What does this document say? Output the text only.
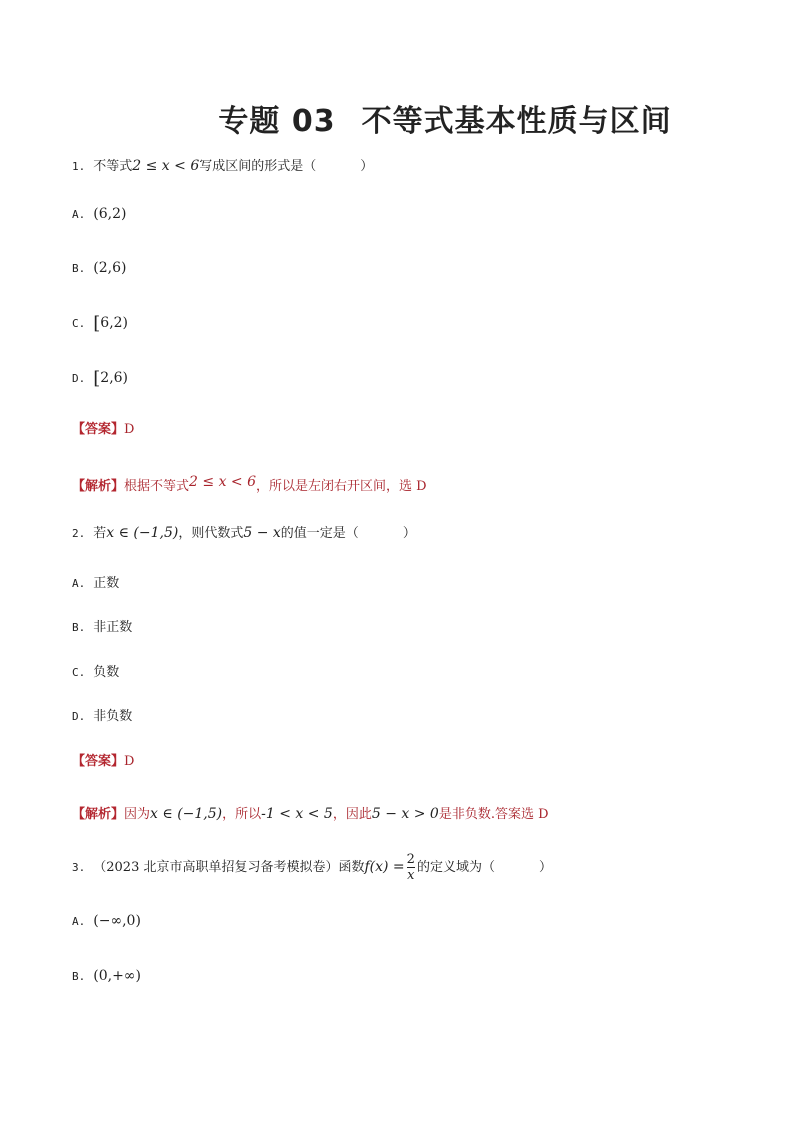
专题 03 不等式基本性质与区间
1. 不等式2 ≤ x < 6写成区间的形式是（	）
A. (6,2)
B. (2,6)
C. [6,2)
D. [2,6)
【答案】D
【解析】根据不等式2 ≤ x < 6，所以是左闭右开区间，选 D
2. 若x ∈ (−1,5)，则代数式5 − x的值一定是（	）
A. 正数
B. 非正数
C. 负数
D. 非负数
【答案】D
【解析】因为x ∈ (−1,5)，所以-1 < x < 5，因此5 − x > 0是非负数.答案选 D
3. （2023 北京市高职单招复习备考模拟卷）函数$f(x) = \frac{2}{x}$ 的定义域为（	）
A. (−∞,0)
B. (0,+∞)
